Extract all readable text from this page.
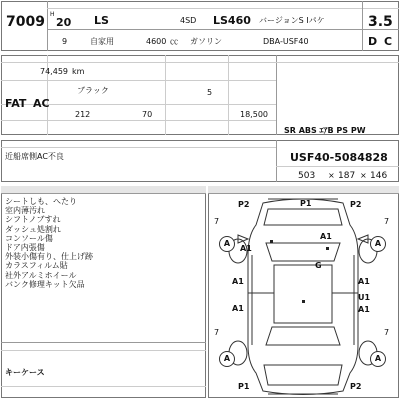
7009 H
20 LS	4SD LS460 バージョンS Iパケ	3.5
9	自家用	4600 ㏄ ガソリン	DBA-USF40	D C
74,459 km
ブラック	5
FAT AC
212	70	18,500
SR ABS ｴｱB PS PW
近船席側AC不良	USF40-5084828
503 × 187 × 146

シートしも、へたり
室内薄汚れ
シフトノブすれ
ダッシュ処割れ
コンソール傷
ドア内張傷
外装小傷有り、仕上げ跡
カラスフィルム貼
社外アルミホイール
バンク修理キット欠品
キーケース

P2	P1	P2
7	7
A	A
A1
A1
G
A1	A1
U1
A1	A1
7	7
A	A
P1	P2
